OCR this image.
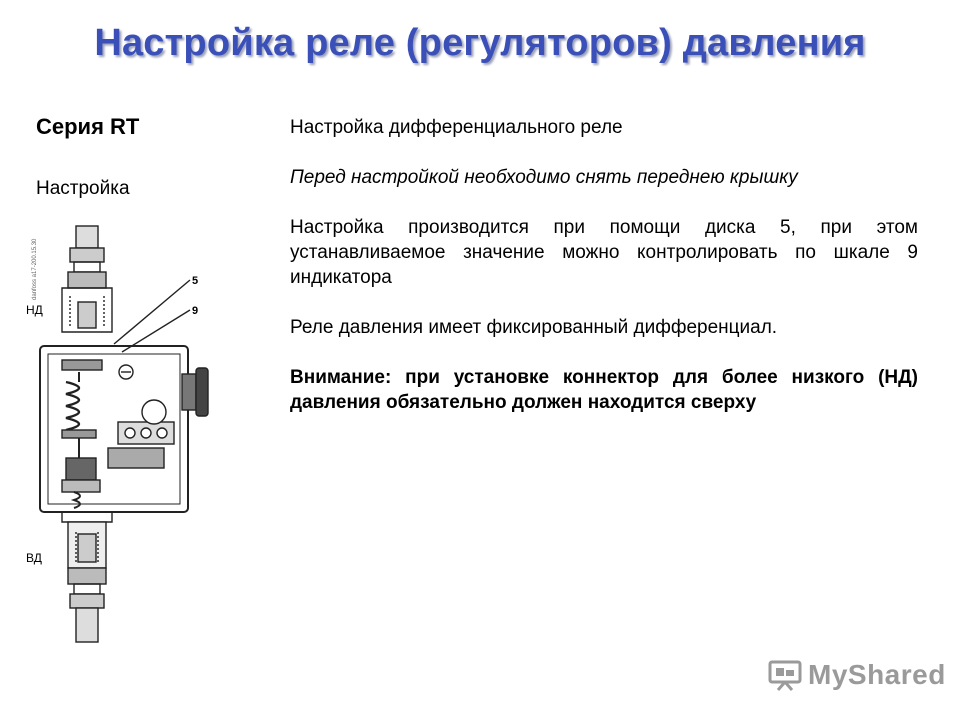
Настройка реле (регуляторов) давления
Серия RT
Настройка

Настройка дифференциального реле

Перед настройкой необходимо снять переднею крышку

Настройка производится при помощи диска 5, при этом устанавливаемое значение можно контролировать по шкале 9 индикатора

Реле давления имеет фиксированный дифференциал.

Внимание: при установке коннектор для более низкого (НД) давления обязательно должен находится сверху

danfoss a17-200.15.30
НД
ВД
5
9
MyShared
